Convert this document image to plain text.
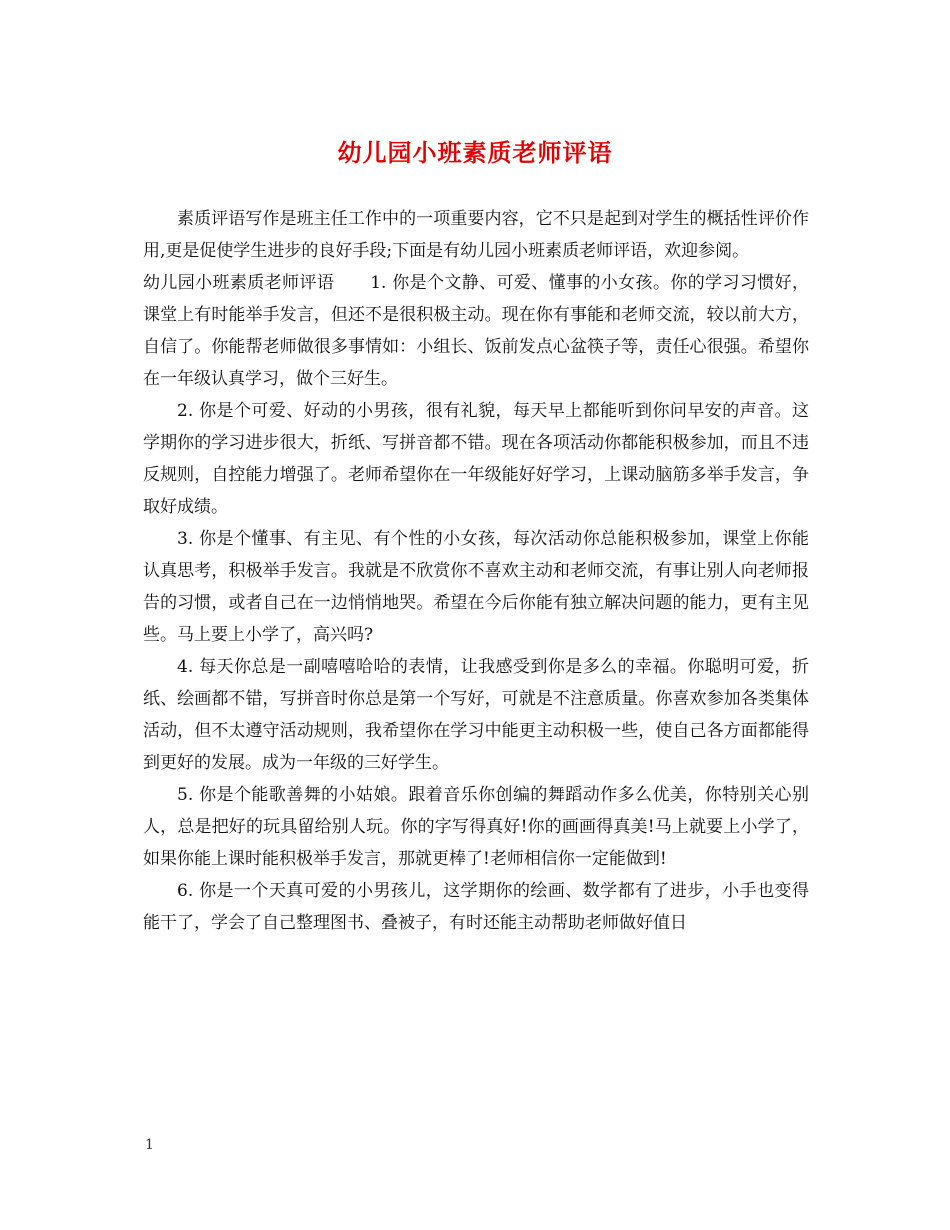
幼儿园小班素质老师评语

素质评语写作是班主任工作中的一项重要内容，它不只是起到对学生的概括性评价作用,更是促使学生进步的良好手段;下面是有幼儿园小班素质老师评语，欢迎参阅。

幼儿园小班素质老师评语 1. 你是个文静、可爱、懂事的小女孩。你的学习习惯好，课堂上有时能举手发言，但还不是很积极主动。现在你有事能和老师交流，较以前大方，自信了。你能帮老师做很多事情如：小组长、饭前发点心盆筷子等，责任心很强。希望你在一年级认真学习，做个三好生。

2. 你是个可爱、好动的小男孩，很有礼貌，每天早上都能听到你问早安的声音。这学期你的学习进步很大，折纸、写拼音都不错。现在各项活动你都能积极参加，而且不违反规则，自控能力增强了。老师希望你在一年级能好好学习，上课动脑筋多举手发言，争取好成绩。

3. 你是个懂事、有主见、有个性的小女孩，每次活动你总能积极参加，课堂上你能认真思考，积极举手发言。我就是不欣赏你不喜欢主动和老师交流，有事让别人向老师报告的习惯，或者自己在一边悄悄地哭。希望在今后你能有独立解决问题的能力，更有主见些。马上要上小学了，高兴吗?

4. 每天你总是一副嘻嘻哈哈的表情，让我感受到你是多么的幸福。你聪明可爱，折纸、绘画都不错，写拼音时你总是第一个写好，可就是不注意质量。你喜欢参加各类集体活动，但不太遵守活动规则，我希望你在学习中能更主动积极一些，使自己各方面都能得到更好的发展。成为一年级的三好学生。

5. 你是个能歌善舞的小姑娘。跟着音乐你创编的舞蹈动作多么优美，你特别关心别人，总是把好的玩具留给别人玩。你的字写得真好!你的画画得真美!马上就要上小学了，如果你能上课时能积极举手发言，那就更棒了!老师相信你一定能做到!

6. 你是一个天真可爱的小男孩儿，这学期你的绘画、数学都有了进步，小手也变得能干了，学会了自己整理图书、叠被子，有时还能主动帮助老师做好值日

1
